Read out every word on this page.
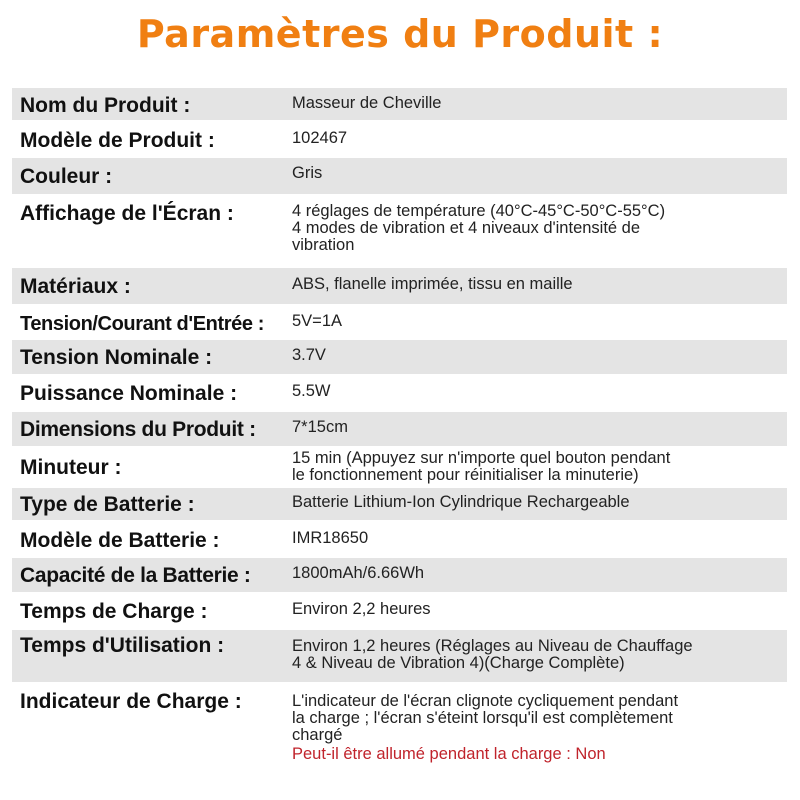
Paramètres du Produit :
Nom du Produit :	Masseur de Cheville
Modèle de Produit :	102467
Couleur :	Gris
Affichage de l'Écran :	4 réglages de température (40°C-45°C-50°C-55°C)
4 modes de vibration et 4 niveaux d'intensité de
vibration
Matériaux :	ABS, flanelle imprimée, tissu en maille
Tension/Courant d'Entrée : 5V=1A
Tension Nominale :	3.7V
Puissance Nominale :	5.5W
Dimensions du Produit : 7*15cm
Minuteur :	15 min (Appuyez sur n'importe quel bouton pendant
le fonctionnement pour réinitialiser la minuterie)
Type de Batterie :	Batterie Lithium-Ion Cylindrique Rechargeable
Modèle de Batterie :	IMR18650
Capacité de la Batterie :	1800mAh/6.66Wh
Temps de Charge :	Environ 2,2 heures
Temps d'Utilisation :	Environ 1,2 heures (Réglages au Niveau de Chauffage
4 & Niveau de Vibration 4)(Charge Complète)
Indicateur de Charge :	L'indicateur de l'écran clignote cycliquement pendant
la charge ; l'écran s'éteint lorsqu'il est complètement
chargé
Peut-il être allumé pendant la charge : Non
